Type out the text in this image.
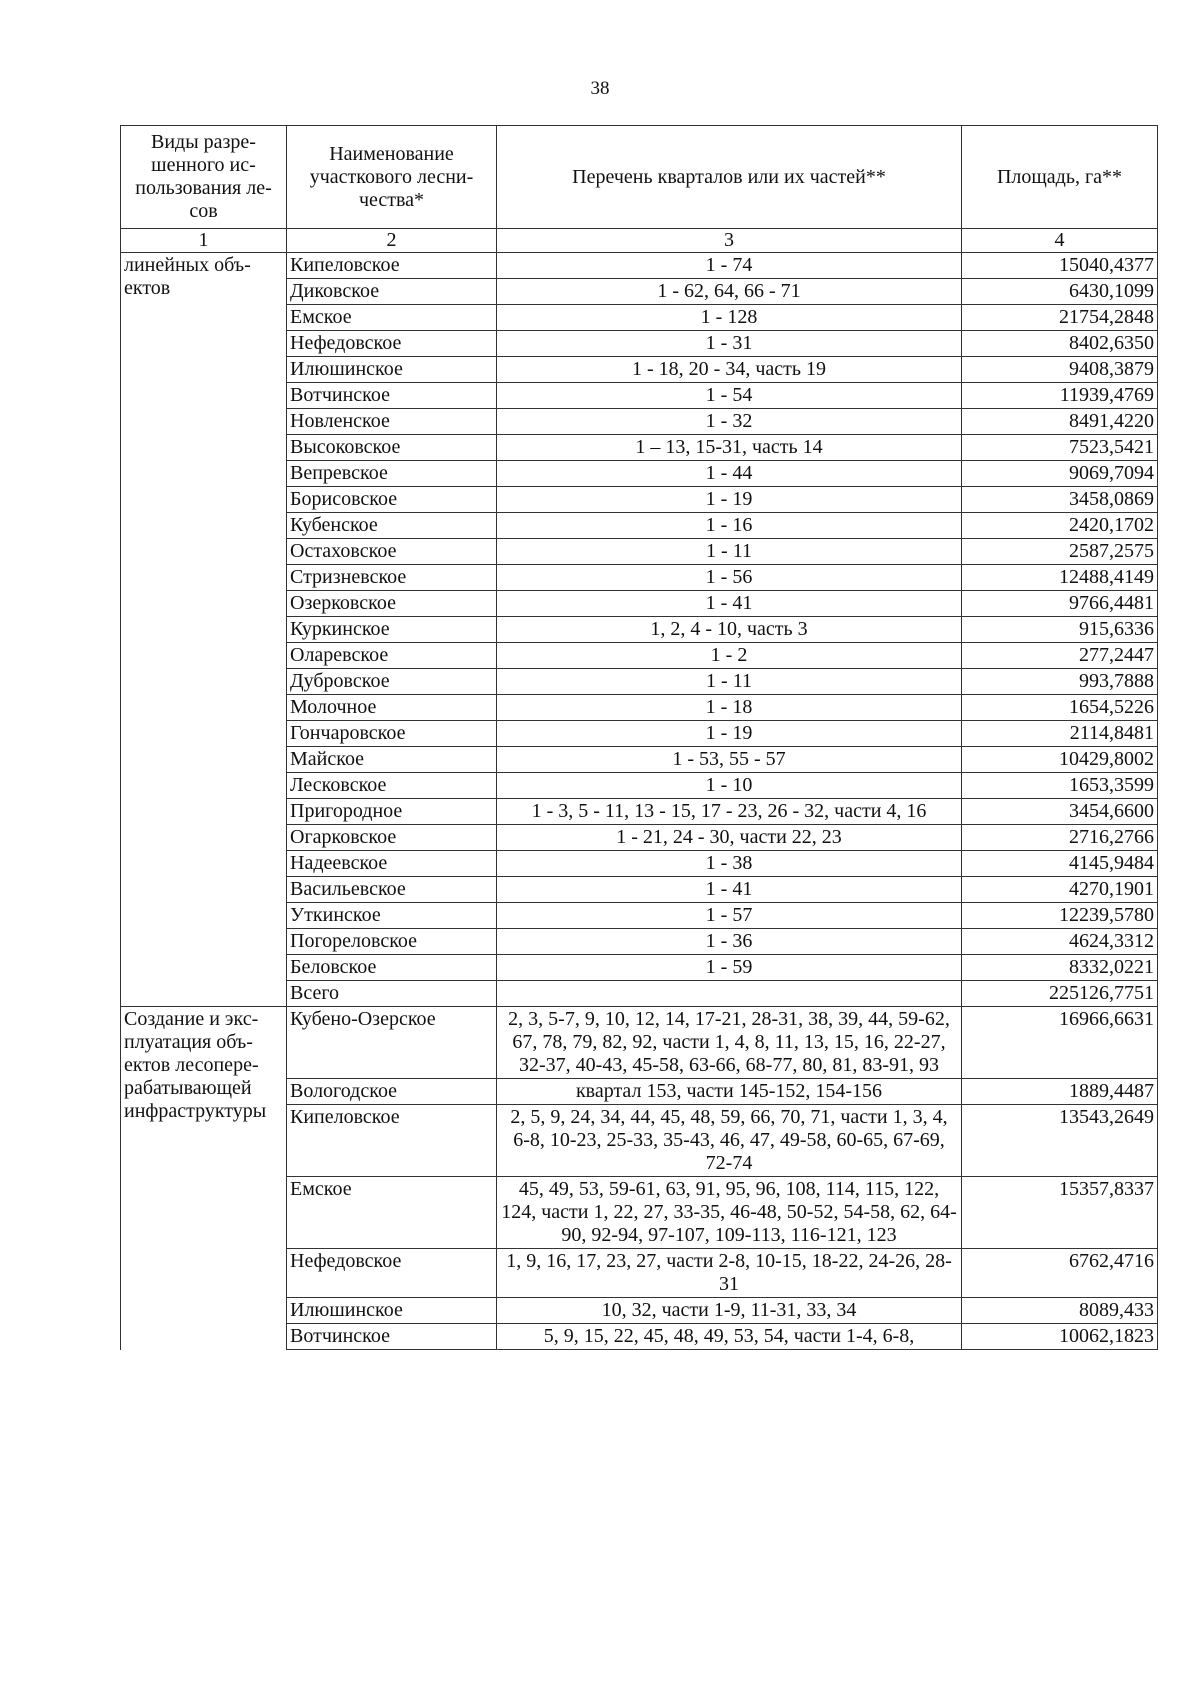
38
Виды разре-шенного ис-пользования ле-сов	Наименование участкового лесни-чества*	Перечень кварталов или их частей**	Площадь, га**
1	2	3	4
линейных объ-ектов	Кипеловское	1 - 74	15040,4377
	Диковское	1 - 62, 64, 66 - 71	6430,1099
	Емское	1 - 128	21754,2848
	Нефедовское	1 - 31	8402,6350
	Илюшинское	1 - 18, 20 - 34, часть 19	9408,3879
	Вотчинское	1 - 54	11939,4769
	Новленское	1 - 32	8491,4220
	Высоковское	1 – 13, 15-31, часть 14	7523,5421
	Вепревское	1 - 44	9069,7094
	Борисовское	1 - 19	3458,0869
	Кубенское	1 - 16	2420,1702
	Остаховское	1 - 11	2587,2575
	Стризневское	1 - 56	12488,4149
	Озерковское	1 - 41	9766,4481
	Куркинское	1, 2, 4 - 10, часть 3	915,6336
	Оларевское	1 - 2	277,2447
	Дубровское	1 - 11	993,7888
	Молочное	1 - 18	1654,5226
	Гончаровское	1 - 19	2114,8481
	Майское	1 - 53, 55 - 57	10429,8002
	Лесковское	1 - 10	1653,3599
	Пригородное	1 - 3, 5 - 11, 13 - 15, 17 - 23, 26 - 32, части 4, 16	3454,6600
	Огарковское	1 - 21, 24 - 30, части 22, 23	2716,2766
	Надеевское	1 - 38	4145,9484
	Васильевское	1 - 41	4270,1901
	Уткинское	1 - 57	12239,5780
	Погореловское	1 - 36	4624,3312
	Беловское	1 - 59	8332,0221
	Всего		225126,7751
Создание и экс-плуатация объ-ектов лесопере-рабатывающей инфраструктуры	Кубено-Озерское	2, 3, 5-7, 9, 10, 12, 14, 17-21, 28-31, 38, 39, 44, 59-62, 67, 78, 79, 82, 92, части 1, 4, 8, 11, 13, 15, 16, 22-27, 32-37, 40-43, 45-58, 63-66, 68-77, 80, 81, 83-91, 93	16966,6631
	Вологодское	квартал 153, части 145-152, 154-156	1889,4487
	Кипеловское	2, 5, 9, 24, 34, 44, 45, 48, 59, 66, 70, 71, части 1, 3, 4, 6-8, 10-23, 25-33, 35-43, 46, 47, 49-58, 60-65, 67-69, 72-74	13543,2649
	Емское	45, 49, 53, 59-61, 63, 91, 95, 96, 108, 114, 115, 122, 124, части 1, 22, 27, 33-35, 46-48, 50-52, 54-58, 62, 64-90, 92-94, 97-107, 109-113, 116-121, 123	15357,8337
	Нефедовское	1, 9, 16, 17, 23, 27, части 2-8, 10-15, 18-22, 24-26, 28-31	6762,4716
	Илюшинское	10, 32, части 1-9, 11-31, 33, 34	8089,433
	Вотчинское	5, 9, 15, 22, 45, 48, 49, 53, 54, части 1-4, 6-8,	10062,1823
